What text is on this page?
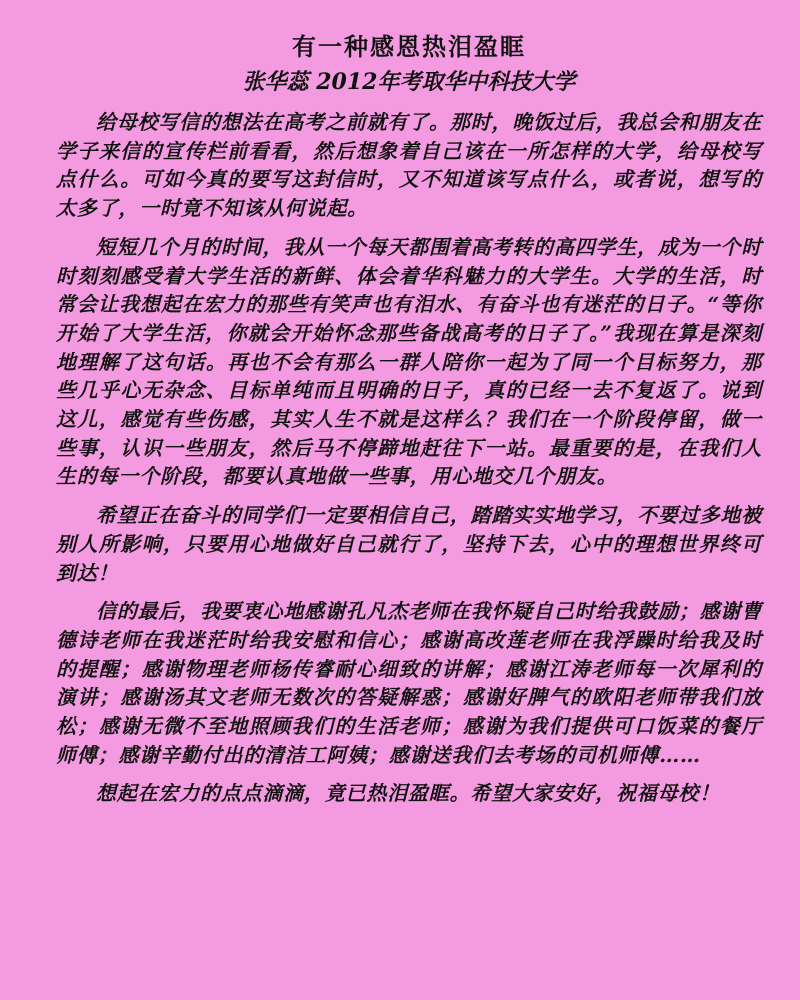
有一种感恩热泪盈眶
张华蕊 2012年考取华中科技大学

给母校写信的想法在高考之前就有了。那时，晚饭过后，我总会和朋友在学子来信的宣传栏前看看，然后想象着自己该在一所怎样的大学，给母校写点什么。可如今真的要写这封信时，又不知道该写点什么，或者说，想写的太多了，一时竟不知该从何说起。

短短几个月的时间，我从一个每天都围着高考转的高四学生，成为一个时时刻刻感受着大学生活的新鲜、体会着华科魅力的大学生。大学的生活，时常会让我想起在宏力的那些有笑声也有泪水、有奋斗也有迷茫的日子。“等你开始了大学生活，你就会开始怀念那些备战高考的日子了。”我现在算是深刻地理解了这句话。再也不会有那么一群人陪你一起为了同一个目标努力，那些几乎心无杂念、目标单纯而且明确的日子，真的已经一去不复返了。说到这儿，感觉有些伤感，其实人生不就是这样么？我们在一个阶段停留，做一些事，认识一些朋友，然后马不停蹄地赶往下一站。最重要的是，在我们人生的每一个阶段，都要认真地做一些事，用心地交几个朋友。

希望正在奋斗的同学们一定要相信自己，踏踏实实地学习，不要过多地被别人所影响，只要用心地做好自己就行了，坚持下去，心中的理想世界终可到达！

信的最后，我要衷心地感谢孔凡杰老师在我怀疑自己时给我鼓励；感谢曹德诗老师在我迷茫时给我安慰和信心；感谢高改莲老师在我浮躁时给我及时的提醒；感谢物理老师杨传睿耐心细致的讲解；感谢江涛老师每一次犀利的演讲；感谢汤其文老师无数次的答疑解惑；感谢好脾气的欧阳老师带我们放松；感谢无微不至地照顾我们的生活老师；感谢为我们提供可口饭菜的餐厅师傅；感谢辛勤付出的清洁工阿姨；感谢送我们去考场的司机师傅……

想起在宏力的点点滴滴，竟已热泪盈眶。希望大家安好，祝福母校！
